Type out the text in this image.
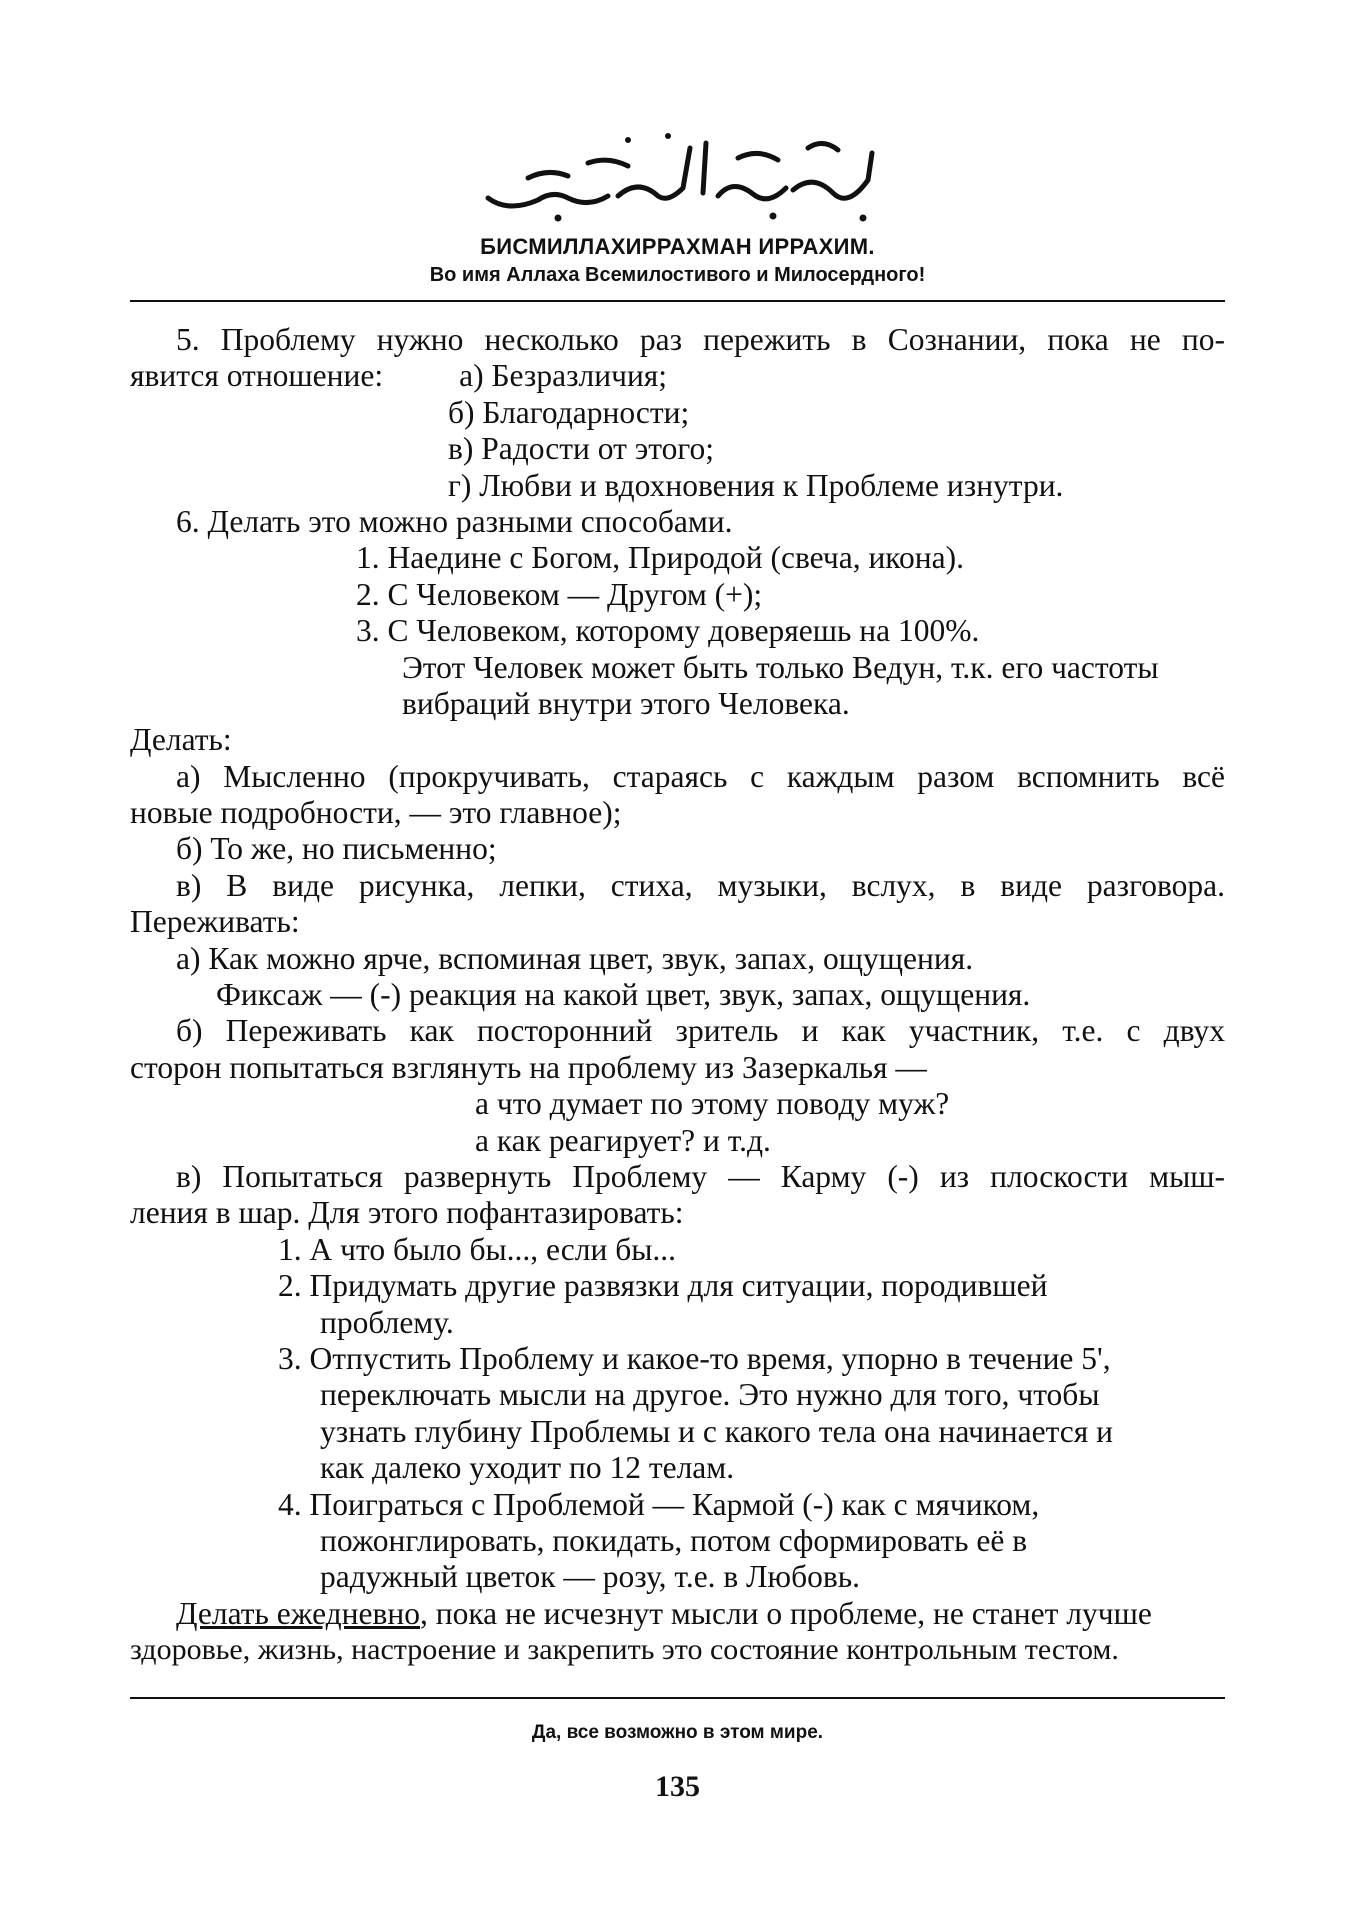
БИСМИЛЛАХИРРАХМАН ИРРАХИМ.
Во имя Аллаха Всемилостивого и Милосердного!
5. Проблему нужно несколько раз пережить в Сознании, пока не по-
явится отношение: а) Безразличия;
б) Благодарности;
в) Радости от этого;
г) Любви и вдохновения к Проблеме изнутри.
6. Делать это можно разными способами.
1. Наедине с Богом, Природой (свеча, икона).
2. С Человеком — Другом (+);
3. С Человеком, которому доверяешь на 100%.
Этот Человек может быть только Ведун, т.к. его частоты
вибраций внутри этого Человека.
Делать:
а) Мысленно (прокручивать, стараясь с каждым разом вспомнить всё
новые подробности, — это главное);
б) То же, но письменно;
в) В виде рисунка, лепки, стиха, музыки, вслух, в виде разговора.
Переживать:
а) Как можно ярче, вспоминая цвет, звук, запах, ощущения.
Фиксаж — (-) реакция на какой цвет, звук, запах, ощущения.
б) Переживать как посторонний зритель и как участник, т.е. с двух
сторон попытаться взглянуть на проблему из Зазеркалья —
а что думает по этому поводу муж?
а как реагирует? и т.д.
в) Попытаться развернуть Проблему — Карму (-) из плоскости мыш-
ления в шар. Для этого пофантазировать:
1. А что было бы..., если бы...
2. Придумать другие развязки для ситуации, породившей
проблему.
3. Отпустить Проблему и какое-то время, упорно в течение 5',
переключать мысли на другое. Это нужно для того, чтобы
узнать глубину Проблемы и с какого тела она начинается и
как далеко уходит по 12 телам.
4. Поиграться с Проблемой — Кармой (-) как с мячиком,
пожонглировать, покидать, потом сформировать её в
радужный цветок — розу, т.е. в Любовь.
Делать ежедневно, пока не исчезнут мысли о проблеме, не станет лучше
здоровье, жизнь, настроение и закрепить это состояние контрольным тестом.
Да, все возможно в этом мире.
135
